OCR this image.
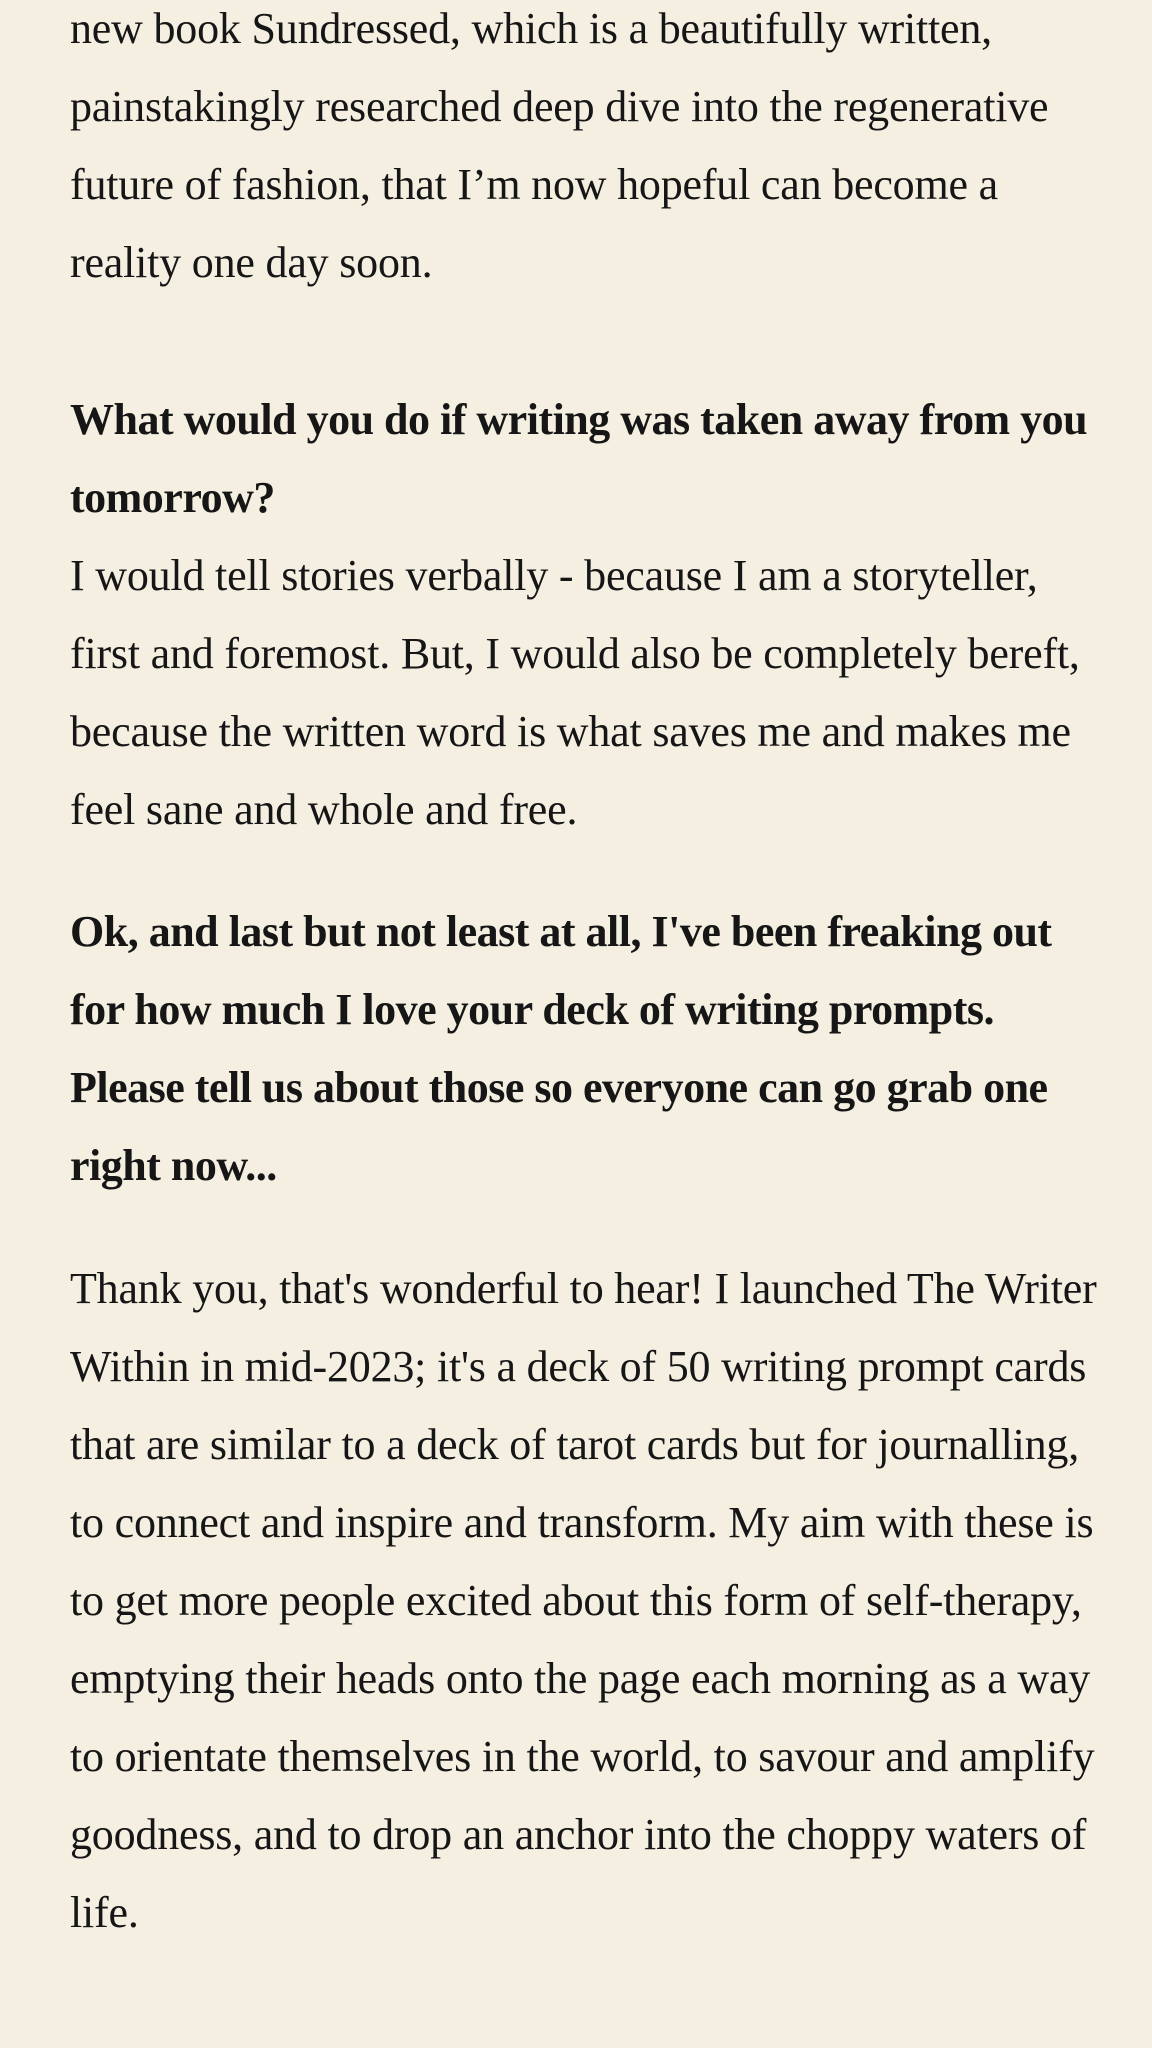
new book Sundressed, which is a beautifully written, painstakingly researched deep dive into the regenerative future of fashion, that I’m now hopeful can become a reality one day soon.

What would you do if writing was taken away from you tomorrow?

I would tell stories verbally - because I am a storyteller, first and foremost. But, I would also be completely bereft, because the written word is what saves me and makes me feel sane and whole and free.

Ok, and last but not least at all, I've been freaking out for how much I love your deck of writing prompts. Please tell us about those so everyone can go grab one right now...

Thank you, that's wonderful to hear! I launched The Writer Within in mid-2023; it's a deck of 50 writing prompt cards that are similar to a deck of tarot cards but for journalling, to connect and inspire and transform. My aim with these is to get more people excited about this form of self-therapy, emptying their heads onto the page each morning as a way to orientate themselves in the world, to savour and amplify goodness, and to drop an anchor into the choppy waters of life.
